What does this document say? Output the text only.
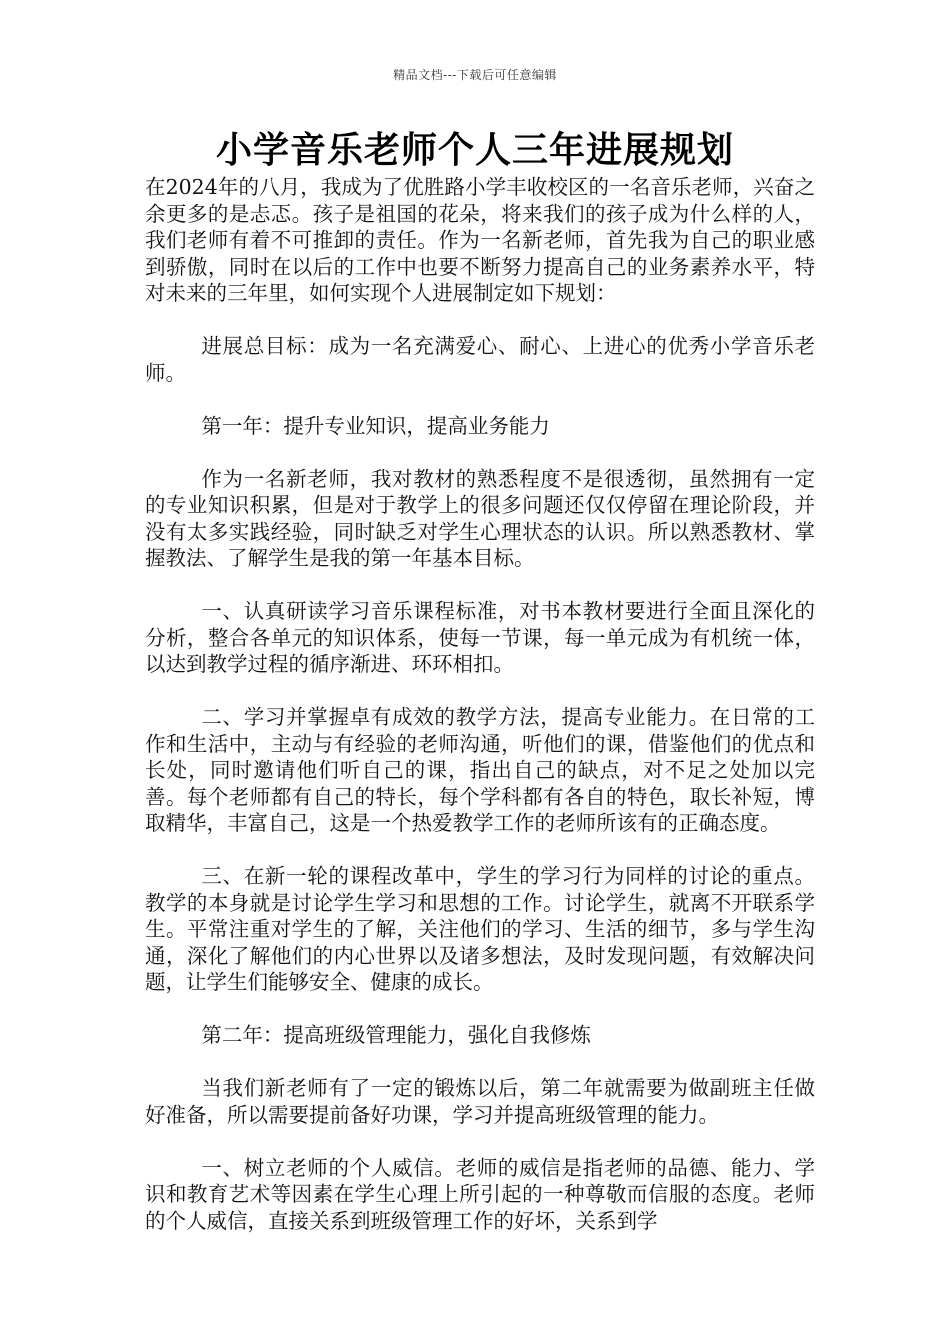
精品文档---下载后可任意编辑
小学音乐老师个人三年进展规划

在2024年的八月，我成为了优胜路小学丰收校区的一名音乐老师，兴奋之余更多的是忐忑。孩子是祖国的花朵，将来我们的孩子成为什么样的人，我们老师有着不可推卸的责任。作为一名新老师，首先我为自己的职业感到骄傲，同时在以后的工作中也要不断努力提高自己的业务素养水平，特对未来的三年里，如何实现个人进展制定如下规划：

进展总目标：成为一名充满爱心、耐心、上进心的优秀小学音乐老师。

第一年：提升专业知识，提高业务能力

作为一名新老师，我对教材的熟悉程度不是很透彻，虽然拥有一定的专业知识积累，但是对于教学上的很多问题还仅仅停留在理论阶段，并没有太多实践经验，同时缺乏对学生心理状态的认识。所以熟悉教材、掌握教法、了解学生是我的第一年基本目标。

一、认真研读学习音乐课程标准，对书本教材要进行全面且深化的分析，整合各单元的知识体系，使每一节课，每一单元成为有机统一体，以达到教学过程的循序渐进、环环相扣。

二、学习并掌握卓有成效的教学方法，提高专业能力。在日常的工作和生活中，主动与有经验的老师沟通，听他们的课，借鉴他们的优点和长处，同时邀请他们听自己的课，指出自己的缺点，对不足之处加以完善。每个老师都有自己的特长，每个学科都有各自的特色，取长补短，博取精华，丰富自己，这是一个热爱教学工作的老师所该有的正确态度。

三、在新一轮的课程改革中，学生的学习行为同样的讨论的重点。教学的本身就是讨论学生学习和思想的工作。讨论学生，就离不开联系学生。平常注重对学生的了解，关注他们的学习、生活的细节，多与学生沟通，深化了解他们的内心世界以及诸多想法，及时发现问题，有效解决问题，让学生们能够安全、健康的成长。

第二年：提高班级管理能力，强化自我修炼

当我们新老师有了一定的锻炼以后，第二年就需要为做副班主任做好准备，所以需要提前备好功课，学习并提高班级管理的能力。

一、树立老师的个人威信。老师的威信是指老师的品德、能力、学识和教育艺术等因素在学生心理上所引起的一种尊敬而信服的态度。老师的个人威信，直接关系到班级管理工作的好坏，关系到学
